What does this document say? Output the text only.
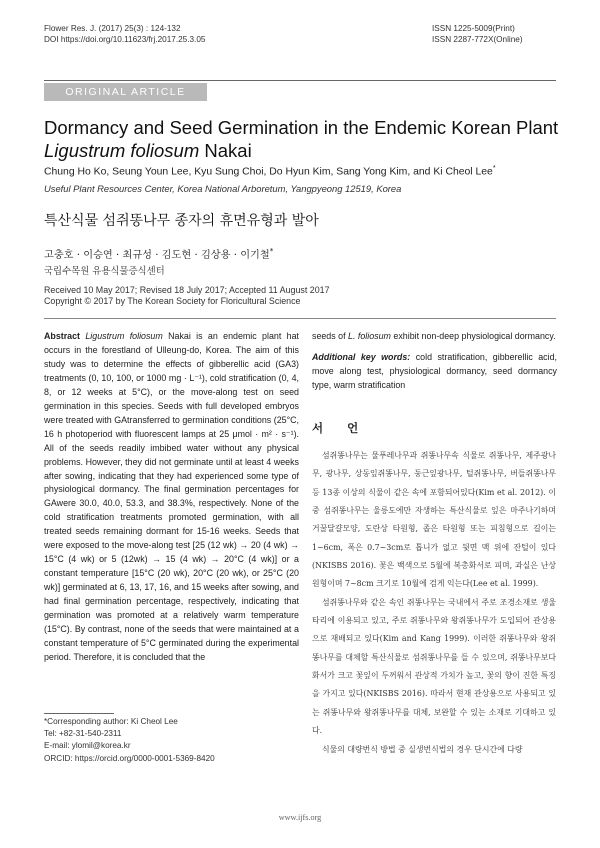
Flower Res. J. (2017) 25(3) : 124-132
DOI https://doi.org/10.11623/frj.2017.25.3.05
ISSN 1225-5009(Print)
ISSN 2287-772X(Online)
ORIGINAL ARTICLE
Dormancy and Seed Germination in the Endemic Korean Plant
Ligustrum foliosum Nakai
Chung Ho Ko, Seung Youn Lee, Kyu Sung Choi, Do Hyun Kim, Sang Yong Kim, and Ki Cheol Lee*
Useful Plant Resources Center, Korea National Arboretum, Yangpyeong 12519, Korea
특산식물 섬쥐똥나무 종자의 휴면유형과 발아
고충호 · 이승연 · 최규성 · 김도현 · 김상용 · 이기철*
국립수목원 유용식물증식센터
Received 10 May 2017; Revised 18 July 2017; Accepted 11 August 2017
Copyright © 2017 by The Korean Society for Floricultural Science
Abstract Ligustrum foliosum Nakai is an endemic plant hat occurs in the forestland of Ulleung-do, Korea. The aim of this study was to determine the effects of gibberellic acid (GA3) treatments (0, 10, 100, or 1000 mg · L⁻¹), cold stratification (0, 4, 8, or 12 weeks at 5°C), or the move-along test on seed germination in this species. Seeds with full developed embryos were treated with GAtransferred to germination conditions (25°C, 16 h photoperiod with fluorescent lamps at 25 μmol · m² · s⁻¹). All of the seeds readily imbibed water without any physical problems. However, they did not germinate until at least 4 weeks after sowing, indicating that they had experienced some type of physiological dormancy. The final germination percentages for GAwere 30.0, 40.0, 53.3, and 38.3%, respectively. None of the cold stratification treatments promoted germination, with all treated seeds remaining dormant for 15-16 weeks. Seeds that were exposed to the move-along test [25 (12 wk) → 20 (4 wk) → 15°C (4 wk) or 5 (12wk) → 15 (4 wk) → 20°C (4 wk)] or a constant temperature [15°C (20 wk), 20°C (20 wk), or 25°C (20 wk)] germinated at 6, 13, 17, 16, and 15 weeks after sowing, and had final germination percentage, respectively, indicating that germination was promoted at a relatively warm temperature (15°C). By contrast, none of the seeds that were maintained at a constant temperature of 5°C germinated during the experimental period. Therefore, it is concluded that the
seeds of L. foliosum exhibit non-deep physiological dormancy.
Additional key words: cold stratification, gibberellic acid, move along test, physiological dormancy, seed dormancy type, warm stratification
서 언

섬쥐똥나무는 물푸레나무과 쥐똥나무속 식물로 쥐똥나무, 제주광나무, 광나무, 상동잎쥐똥나무, 둥근잎광나무, 털쥐똥나무, 버들쥐똥나무 등 13종 이상의 식물이 같은 속에 포함되어있다(Kim et al. 2012). 이 중 섬쥐똥나무는 울릉도에만 자생하는 특산식물로 잎은 마주나기하며 거꿀달걀모양, 도란상 타원형, 좁은 타원형 또는 피침형으로 길이는 1~6cm, 폭은 0.7~3cm로 톱니가 없고 뒷면 맥 위에 잔털이 있다(NKISBS 2016). 꽃은 백색으로 5월에 복총화서로 피며, 과실은 난상 원형이며 7~8cm 크기로 10월에 검게 익는다(Lee et al. 1999).

섬쥐똥나무와 같은 속인 쥐똥나무는 국내에서 주로 조경소재로 생울타리에 이용되고 있고, 주로 쥐똥나무와 왕쥐똥나무가 도입되어 관상용으로 재배되고 있다(Kim and Kang 1999). 이러한 쥐똥나무와 왕쥐똥나무를 대체할 특산식물로 섬쥐똥나무를 들 수 있으며, 쥐똥나무보다 화서가 크고 꽃잎이 두꺼워서 관상적 가치가 높고, 꽃의 향이 진한 특징을 가지고 있다(NKISBS 2016). 따라서 현재 관상용으로 사용되고 있는 쥐똥나무와 왕쥐똥나무를 대체, 보완할 수 있는 소재로 기대하고 있다.

식물의 대량번식 방법 중 실생번식법의 경우 단시간에 다량

*Corresponding author: Ki Cheol Lee
Tel: +82-31-540-2311
E-mail: ylomil@korea.kr
ORCID: https://orcid.org/0000-0001-5369-8420
www.ijfs.org
